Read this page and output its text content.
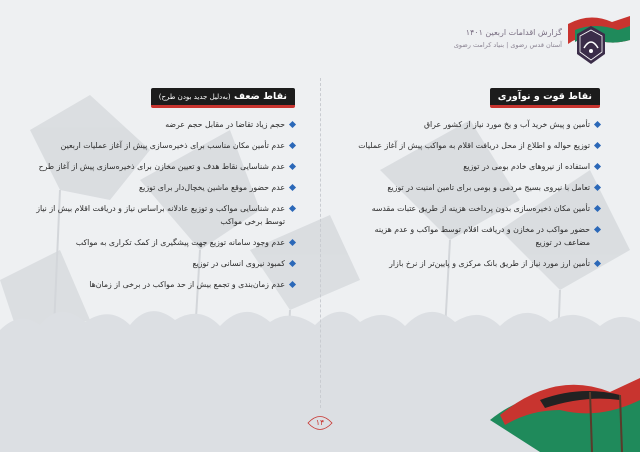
گزارش اقدامات اربعین ۱۴۰۱
آستان قدس رضوی | بنیاد کرامت رضوی
نقاط قوت و نوآوری
تأمین و پیش خرید آب و یخ مورد نیاز از کشور عراق
توزیع حواله و اطلاع از محل دریافت اقلام به مواکب پیش از آغاز عملیات
استفاده از نیروهای خادم بومی در توزیع
تعامل با نیروی بسیج مردمی و بومی برای تامین امنیت در توزیع
تأمین مکان ذخیره‌سازی بدون پرداخت هزینه از طریق عتبات مقدسه
حضور مواکب در مخازن و دریافت اقلام توسط مواکب و عدم هزینه مضاعف در توزیع
تأمین ارز مورد نیاز از طریق بانک مرکزی و پایین‌تر از نرخ بازار
نقاط ضعف (به‌دلیل جدید بودن طرح)
حجم زیاد تقاضا در مقابل حجم عرضه
عدم تأمین مکان مناسب برای ذخیره‌سازی پیش از آغاز عملیات اربعین
عدم شناسایی نقاط هدف و تعیین مخازن برای ذخیره‌سازی پیش از آغاز طرح
عدم حضور موقع ماشین یخچال‌دار برای توزیع
عدم شناسایی مواکب و توزیع عادلانه براساس نیاز و دریافت اقلام بیش از نیاز توسط برخی مواکب
عدم وجود سامانه توزیع جهت پیشگیری از کمک تکراری به مواکب
کمبود نیروی انسانی در توزیع
عدم زمان‌بندی و تجمع بیش از حد مواکب در برخی از زمان‌ها
۱۴
